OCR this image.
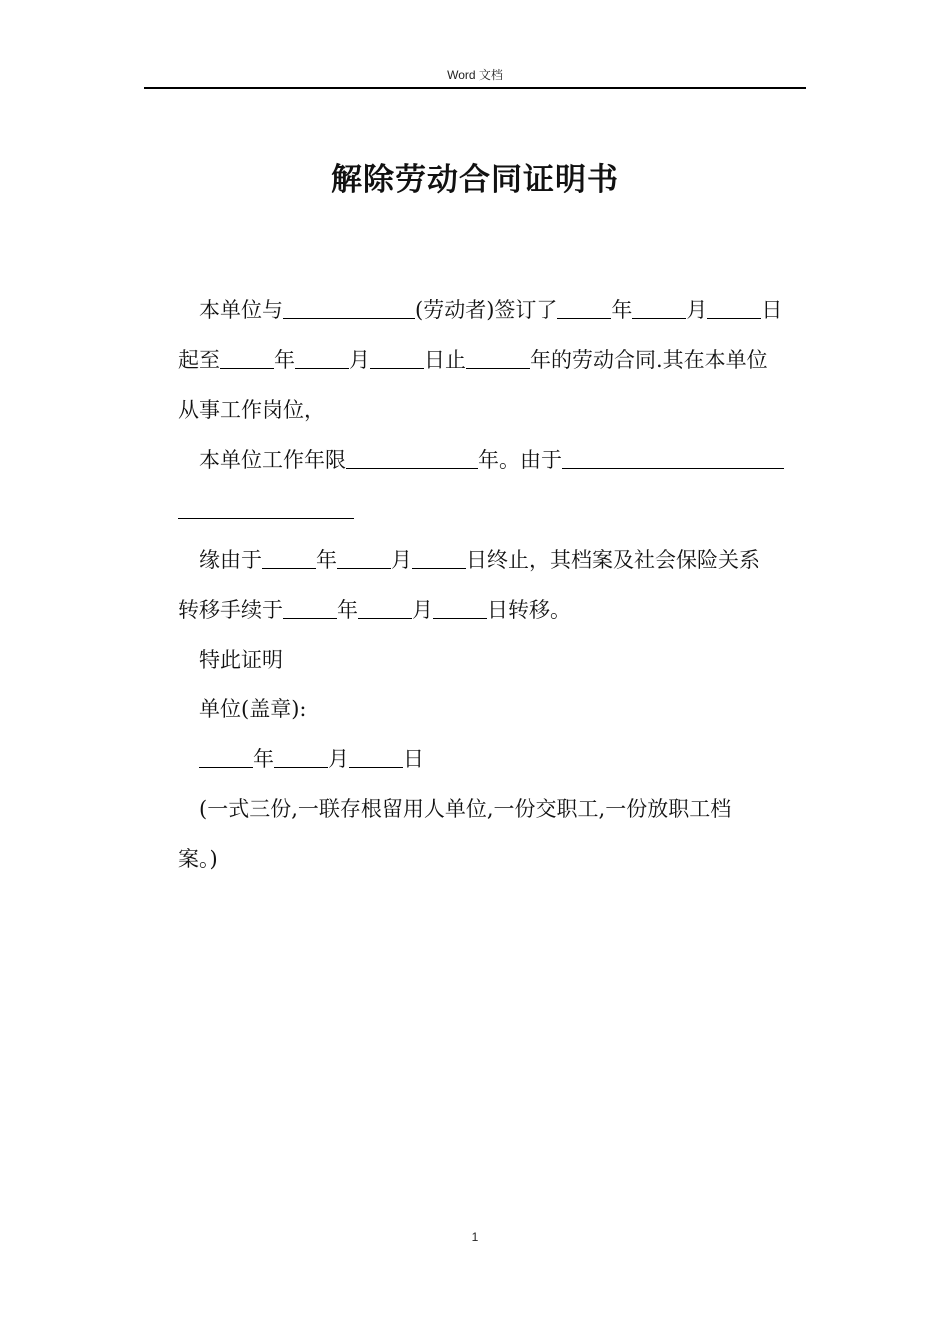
Word 文档
解除劳动合同证明书
本单位与	(劳动者)签订了	年	月	日
起至	年	月	日止	年的劳动合同.其在本单位
从事工作岗位，
本单位工作年限	年。由于
缘由于	年	月	日终止，其档案及社会保险关系
转移手续于	年	月	日转移。
特此证明
单位(盖章):
年	月	日
(一式三份,一联存根留用人单位,一份交职工,一份放职工档
案。)
1
